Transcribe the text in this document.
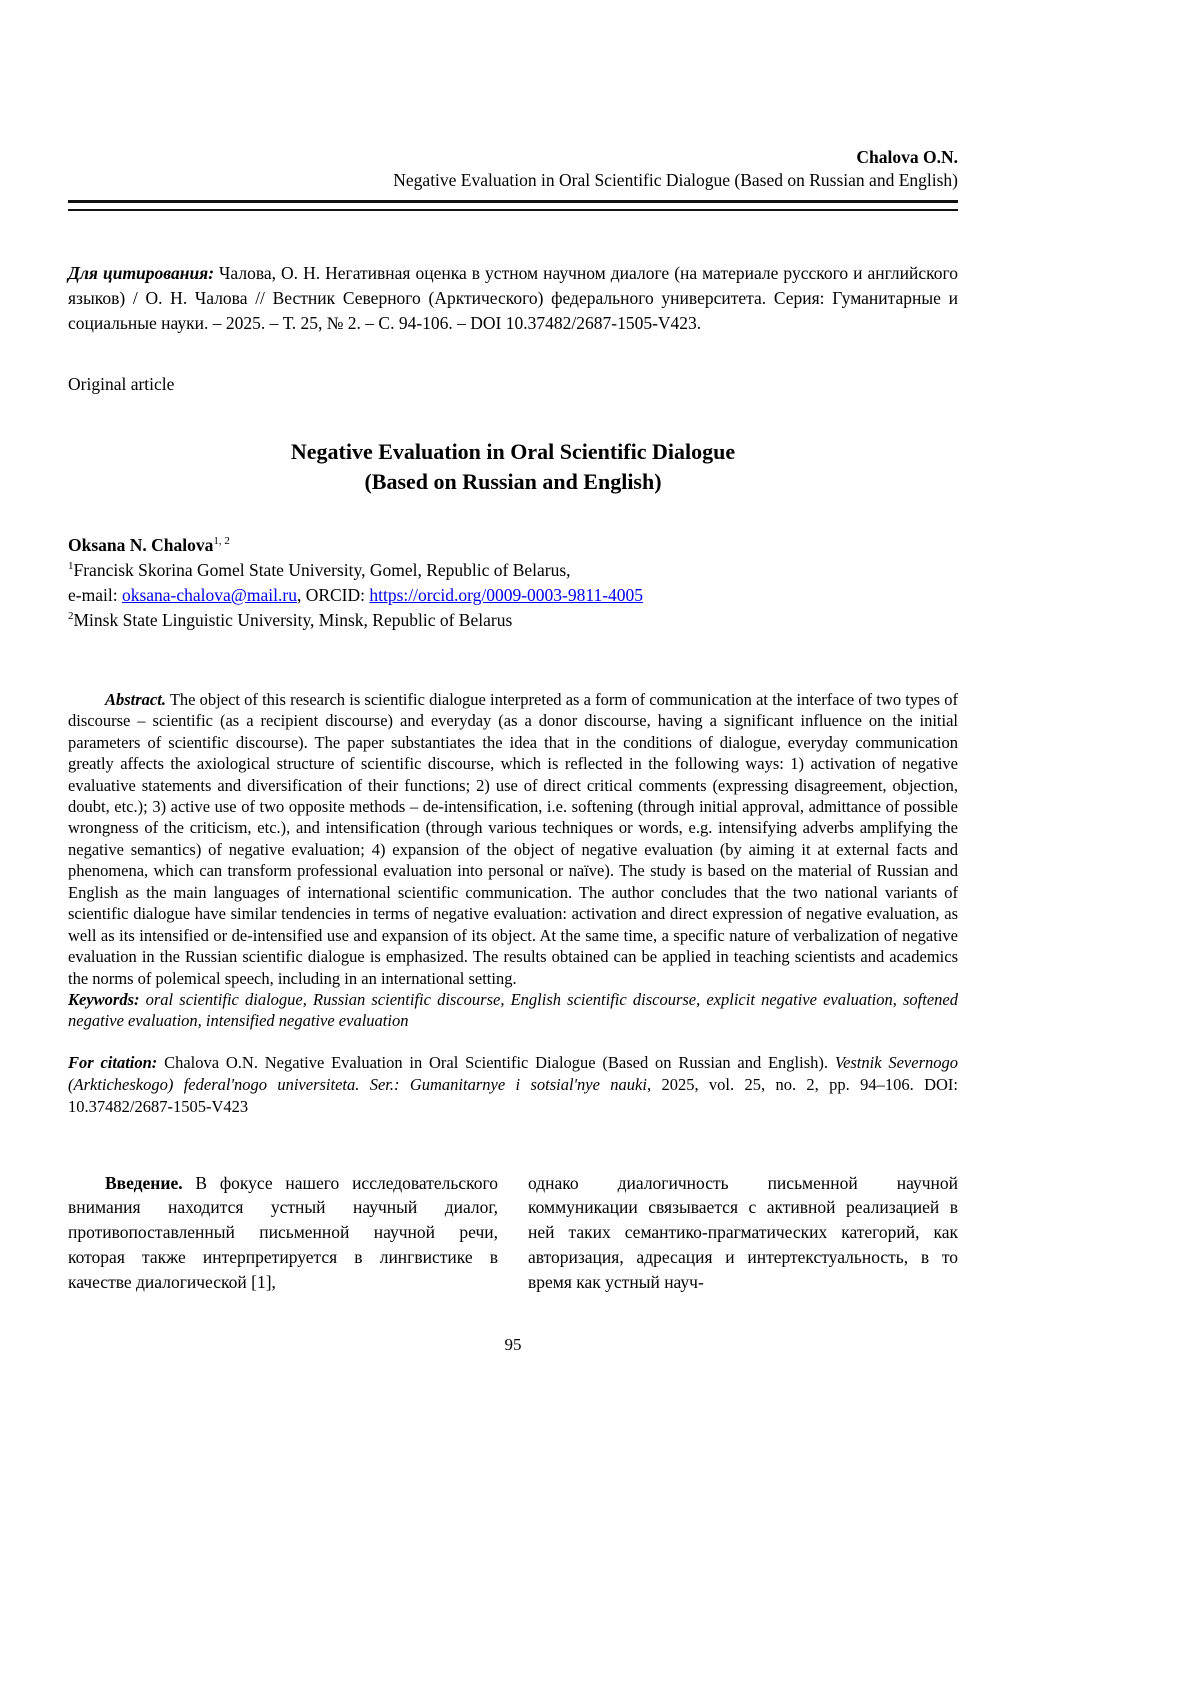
Chalova O.N.
Negative Evaluation in Oral Scientific Dialogue (Based on Russian and English)

Для цитирования: Чалова, О. Н. Негативная оценка в устном научном диалоге (на материале русского и английского языков) / О. Н. Чалова // Вестник Северного (Арктического) федерального университета. Серия: Гуманитарные и социальные науки. – 2025. – Т. 25, № 2. – С. 94-106. – DOI 10.37482/2687-1505-V423.

Original article

Negative Evaluation in Oral Scientific Dialogue
(Based on Russian and English)
Oksana N. Chalova$^{1, 2}$
$^1$Francisk Skorina Gomel State University, Gomel, Republic of Belarus,
e-mail: oksana-chalova@mail.ru, ORCID: https://orcid.org/0009-0003-9811-4005
$^2$Minsk State Linguistic University, Minsk, Republic of Belarus

Abstract. The object of this research is scientific dialogue interpreted as a form of communication at the interface of two types of discourse – scientific (as a recipient discourse) and everyday (as a donor discourse, having a significant influence on the initial parameters of scientific discourse). The paper substantiates the idea that in the conditions of dialogue, everyday communication greatly affects the axiological structure of scientific discourse, which is reflected in the following ways: 1) activation of negative evaluative statements and diversification of their functions; 2) use of direct critical comments (expressing disagreement, objection, doubt, etc.); 3) active use of two opposite methods – de-intensification, i.e. softening (through initial approval, admittance of possible wrongness of the criticism, etc.), and intensification (through various techniques or words, e.g. intensifying adverbs amplifying the negative semantics) of negative evaluation; 4) expansion of the object of negative evaluation (by aiming it at external facts and phenomena, which can transform professional evaluation into personal or naïve). The study is based on the material of Russian and English as the main languages of international scientific communication. The author concludes that the two national variants of scientific dialogue have similar tendencies in terms of negative evaluation: activation and direct expression of negative evaluation, as well as its intensified or de-intensified use and expansion of its object. At the same time, a specific nature of verbalization of negative evaluation in the Russian scientific dialogue is emphasized. The results obtained can be applied in teaching scientists and academics the norms of polemical speech, including in an international setting.

Keywords: oral scientific dialogue, Russian scientific discourse, English scientific discourse, explicit negative evaluation, softened negative evaluation, intensified negative evaluation

For citation: Chalova O.N. Negative Evaluation in Oral Scientific Dialogue (Based on Russian and English). Vestnik Severnogo (Arkticheskogo) federal'nogo universiteta. Ser.: Gumanitarnye i sotsial'nye nauki, 2025, vol. 25, no. 2, pp. 94–106. DOI: 10.37482/2687-1505-V423

Введение. В фокусе нашего исследовательского внимания находится устный научный диалог, противопоставленный письменной научной речи, которая также интерпретируется в лингвистике в качестве диалогической [1],
однако диалогичность письменной научной коммуникации связывается с активной реализацией в ней таких семантико-прагматических категорий, как авторизация, адресация и интертекстуальность, в то время как устный науч-
95
